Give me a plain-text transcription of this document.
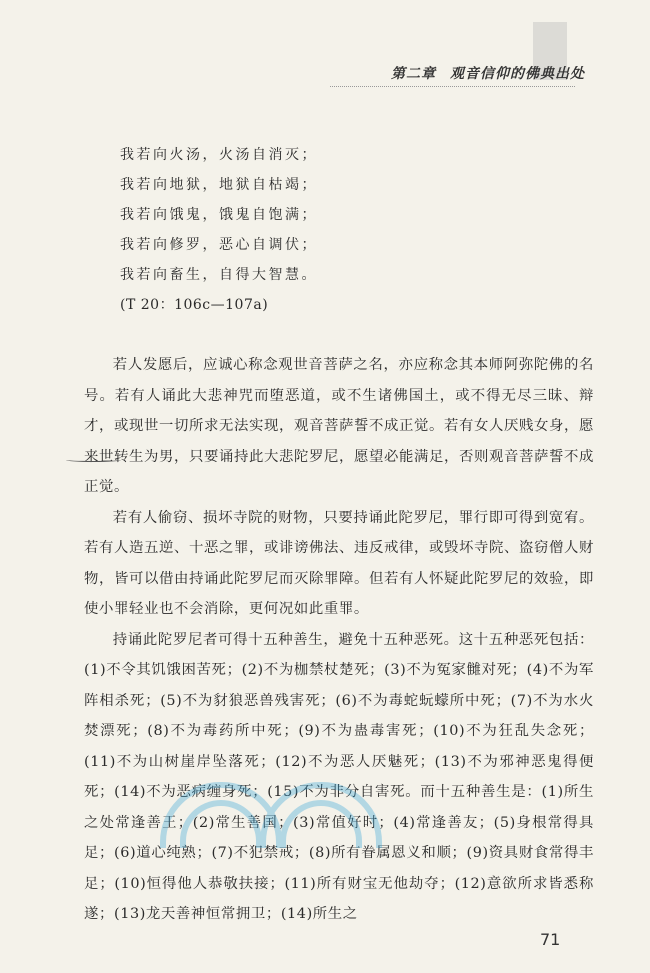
第二章 观音信仰的佛典出处
我若向火汤，火汤自消灭；
我若向地狱，地狱自枯竭；
我若向饿鬼，饿鬼自饱满；
我若向修罗，恶心自调伏；
我若向畜生，自得大智慧。
(T 20：106c—107a)

若人发愿后，应诚心称念观世音菩萨之名，亦应称念其本师阿弥陀佛的名号。若有人诵此大悲神咒而堕恶道，或不生诸佛国土，或不得无尽三昧、辩才，或现世一切所求无法实现，观音菩萨誓不成正觉。若有女人厌贱女身，愿来世转生为男，只要诵持此大悲陀罗尼，愿望必能满足，否则观音菩萨誓不成正觉。

若有人偷窃、损坏寺院的财物，只要持诵此陀罗尼，罪行即可得到宽宥。若有人造五逆、十恶之罪，或诽谤佛法、违反戒律，或毁坏寺院、盗窃僧人财物，皆可以借由持诵此陀罗尼而灭除罪障。但若有人怀疑此陀罗尼的效验，即使小罪轻业也不会消除，更何况如此重罪。

持诵此陀罗尼者可得十五种善生，避免十五种恶死。这十五种恶死包括：(1)不令其饥饿困苦死；(2)不为枷禁杖楚死；(3)不为冤家雠对死；(4)不为军阵相杀死；(5)不为豺狼恶兽残害死；(6)不为毒蛇蚖蠓所中死；(7)不为水火焚漂死；(8)不为毒药所中死；(9)不为蛊毒害死；(10)不为狂乱失念死；(11)不为山树崖岸坠落死；(12)不为恶人厌魅死；(13)不为邪神恶鬼得便死；(14)不为恶病缠身死；(15)不为非分自害死。而十五种善生是：(1)所生之处常逢善王；(2)常生善国；(3)常值好时；(4)常逢善友；(5)身根常得具足；(6)道心纯熟；(7)不犯禁戒；(8)所有眷属恩义和顺；(9)资具财食常得丰足；(10)恒得他人恭敬扶接；(11)所有财宝无他劫夺；(12)意欲所求皆悉称遂；(13)龙天善神恒常拥卫；(14)所生之

71
